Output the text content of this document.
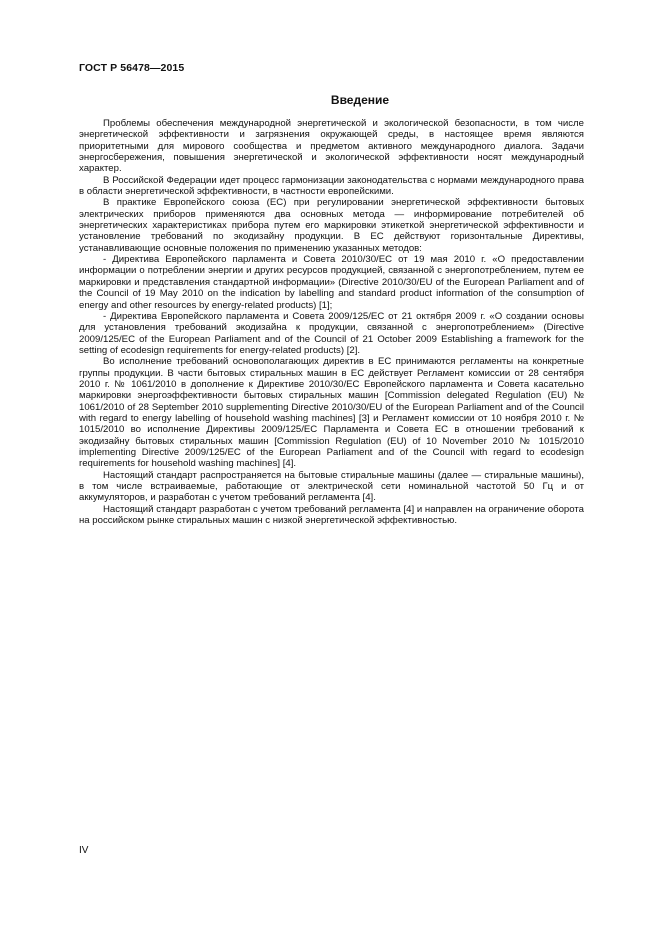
ГОСТ Р 56478—2015
Введение

Проблемы обеспечения международной энергетической и экологической безопасности, в том числе энергетической эффективности и загрязнения окружающей среды, в настоящее время являются приоритетными для мирового сообщества и предметом активного международного диалога. Задачи энергосбережения, повышения энергетической и экологической эффективности носят международный характер.

В Российской Федерации идет процесс гармонизации законодательства с нормами международного права в области энергетической эффективности, в частности европейскими.

В практике Европейского союза (ЕС) при регулировании энергетической эффективности бытовых электрических приборов применяются два основных метода — информирование потребителей об энергетических характеристиках прибора путем его маркировки этикеткой энергетической эффективности и установление требований по экодизайну продукции. В ЕС действуют горизонтальные Директивы, устанавливающие основные положения по применению указанных методов:

- Директива Европейского парламента и Совета 2010/30/ЕС от 19 мая 2010 г. «О предоставлении информации о потреблении энергии и других ресурсов продукцией, связанной с энергопотреблением, путем ее маркировки и представления стандартной информации» (Directive 2010/30/EU of the European Parliament and of the Council of 19 May 2010 on the indication by labelling and standard product information of the consumption of energy and other resources by energy-related products) [1];

- Директива Европейского парламента и Совета 2009/125/ЕС от 21 октября 2009 г. «О создании основы для установления требований экодизайна к продукции, связанной с энергопотреблением» (Directive 2009/125/EC of the European Parliament and of the Council of 21 October 2009 Establishing a framework for the setting of ecodesign requirements for energy-related products) [2].

Во исполнение требований основополагающих директив в ЕС принимаются регламенты на конкретные группы продукции. В части бытовых стиральных машин в ЕС действует Регламент комиссии от 28 сентября 2010 г. № 1061/2010 в дополнение к Директиве 2010/30/ЕС Европейского парламента и Совета касательно маркировки энергоэффективности бытовых стиральных машин [Commission delegated Regulation (EU) № 1061/2010 of 28 September 2010 supplementing Directive 2010/30/EU of the European Parliament and of the Council with regard to energy labelling of household washing machines] [3] и Регламент комиссии от 10 ноября 2010 г. № 1015/2010 во исполнение Директивы 2009/125/ЕС Парламента и Совета ЕС в отношении требований к экодизайну бытовых стиральных машин [Commission Regulation (EU) of 10 November 2010 № 1015/2010 implementing Directive 2009/125/EC of the European Parliament and of the Council with regard to ecodesign requirements for household washing machines] [4].

Настоящий стандарт распространяется на бытовые стиральные машины (далее — стиральные машины), в том числе встраиваемые, работающие от электрической сети номинальной частотой 50 Гц и от аккумуляторов, и разработан с учетом требований регламента [4].

Настоящий стандарт разработан с учетом требований регламента [4] и направлен на ограничение оборота на российском рынке стиральных машин с низкой энергетической эффективностью.

IV
